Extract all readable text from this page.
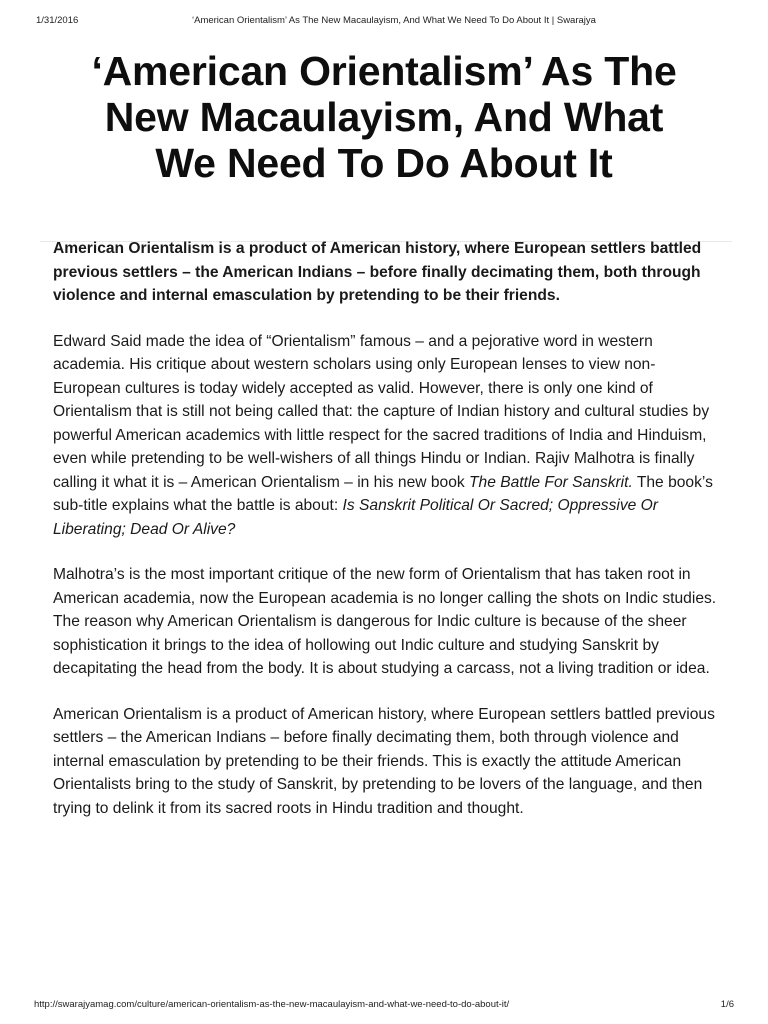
1/31/2016	‘American Orientalism’ As The New Macaulayism, And What We Need To Do About It | Swarajya
‘American Orientalism’ As The New Macaulayism, And What We Need To Do About It

American Orientalism is a product of American history, where European settlers battled previous settlers – the American Indians – before finally decimating them, both through violence and internal emasculation by pretending to be their friends.

Edward Said made the idea of “Orientalism” famous – and a pejorative word in western academia. His critique about western scholars using only European lenses to view non-European cultures is today widely accepted as valid. However, there is only one kind of Orientalism that is still not being called that: the capture of Indian history and cultural studies by powerful American academics with little respect for the sacred traditions of India and Hinduism, even while pretending to be well-wishers of all things Hindu or Indian. Rajiv Malhotra is finally calling it what it is – American Orientalism – in his new book The Battle For Sanskrit. The book’s sub-title explains what the battle is about: Is Sanskrit Political Or Sacred; Oppressive Or Liberating; Dead Or Alive?

Malhotra’s is the most important critique of the new form of Orientalism that has taken root in American academia, now the European academia is no longer calling the shots on Indic studies. The reason why American Orientalism is dangerous for Indic culture is because of the sheer sophistication it brings to the idea of hollowing out Indic culture and studying Sanskrit by decapitating the head from the body. It is about studying a carcass, not a living tradition or idea.

American Orientalism is a product of American history, where European settlers battled previous settlers – the American Indians – before finally decimating them, both through violence and internal emasculation by pretending to be their friends. This is exactly the attitude American Orientalists bring to the study of Sanskrit, by pretending to be lovers of the language, and then trying to delink it from its sacred roots in Hindu tradition and thought.

http://swarajyamag.com/culture/american-orientalism-as-the-new-macaulayism-and-what-we-need-to-do-about-it/	1/6
